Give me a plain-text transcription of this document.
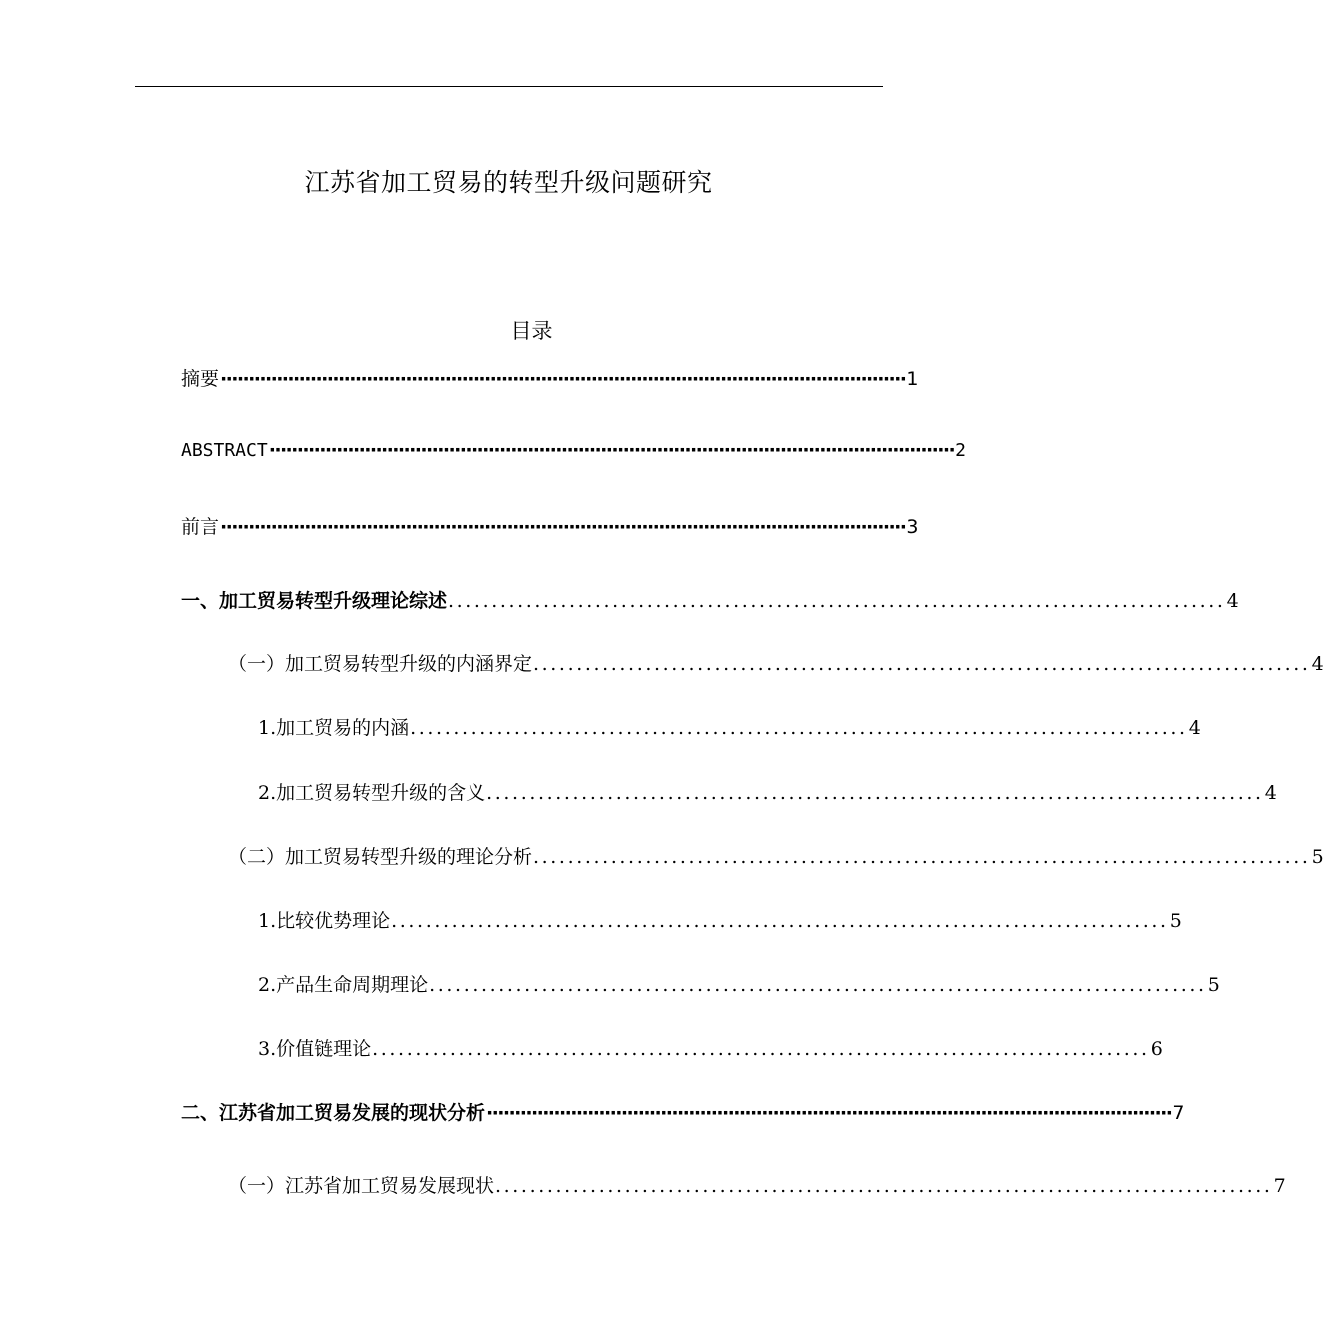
江苏省加工贸易的转型升级问题研究
目录
摘要 ·························································································································· 1
ABSTRACT ·························································································································· 2
前言 ·························································································································· 3
一、加工贸易转型升级理论综述 .......................................................................................... 4
（一）加工贸易转型升级的内涵界定 .......................................................................................... 4
1.加工贸易的内涵 .......................................................................................... 4
2.加工贸易转型升级的含义 .......................................................................................... 4
（二）加工贸易转型升级的理论分析 .......................................................................................... 5
1.比较优势理论 .......................................................................................... 5
2.产品生命周期理论 .......................................................................................... 5
3.价值链理论 .......................................................................................... 6
二、江苏省加工贸易发展的现状分析 ·························································································································· 7
（一）江苏省加工贸易发展现状 .......................................................................................... 7
